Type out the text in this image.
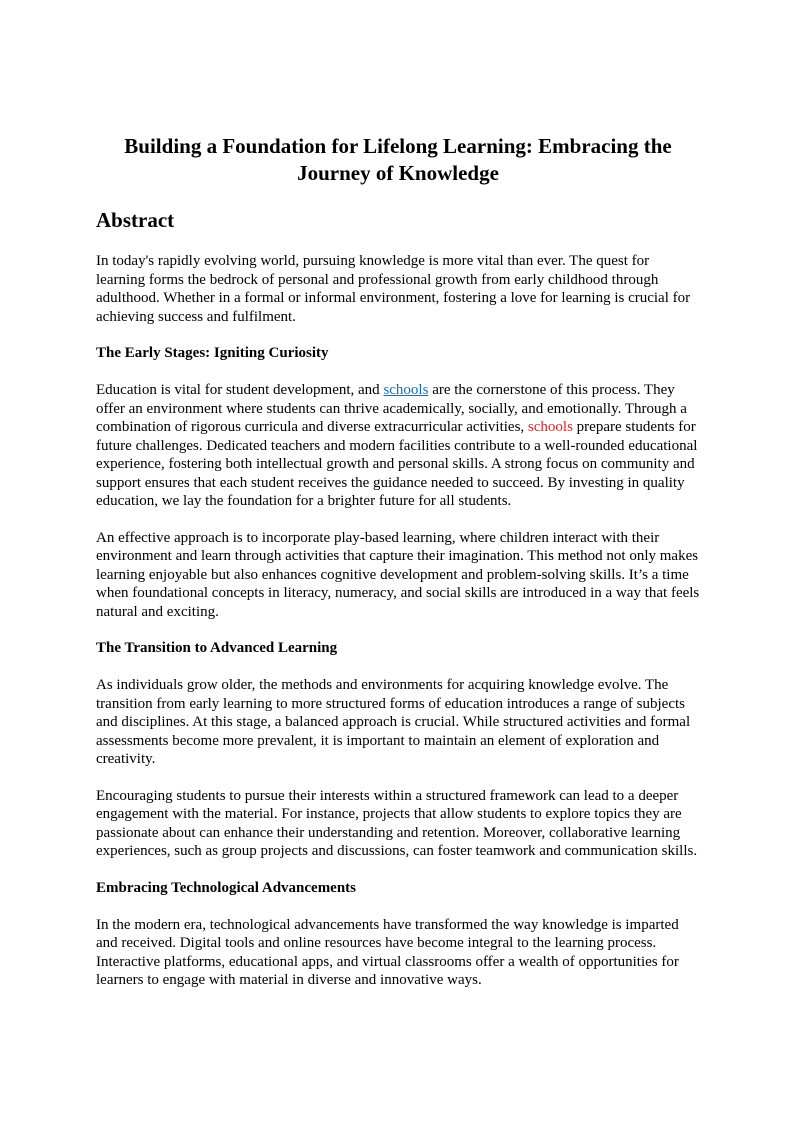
Building a Foundation for Lifelong Learning: Embracing the Journey of Knowledge
Abstract

In today's rapidly evolving world, pursuing knowledge is more vital than ever. The quest for learning forms the bedrock of personal and professional growth from early childhood through adulthood. Whether in a formal or informal environment, fostering a love for learning is crucial for achieving success and fulfilment.

The Early Stages: Igniting Curiosity

Education is vital for student development, and schools are the cornerstone of this process. They offer an environment where students can thrive academically, socially, and emotionally. Through a combination of rigorous curricula and diverse extracurricular activities, schools prepare students for future challenges. Dedicated teachers and modern facilities contribute to a well-rounded educational experience, fostering both intellectual growth and personal skills. A strong focus on community and support ensures that each student receives the guidance needed to succeed. By investing in quality education, we lay the foundation for a brighter future for all students.

An effective approach is to incorporate play-based learning, where children interact with their environment and learn through activities that capture their imagination. This method not only makes learning enjoyable but also enhances cognitive development and problem-solving skills. It’s a time when foundational concepts in literacy, numeracy, and social skills are introduced in a way that feels natural and exciting.

The Transition to Advanced Learning

As individuals grow older, the methods and environments for acquiring knowledge evolve. The transition from early learning to more structured forms of education introduces a range of subjects and disciplines. At this stage, a balanced approach is crucial. While structured activities and formal assessments become more prevalent, it is important to maintain an element of exploration and creativity.

Encouraging students to pursue their interests within a structured framework can lead to a deeper engagement with the material. For instance, projects that allow students to explore topics they are passionate about can enhance their understanding and retention. Moreover, collaborative learning experiences, such as group projects and discussions, can foster teamwork and communication skills.

Embracing Technological Advancements

In the modern era, technological advancements have transformed the way knowledge is imparted and received. Digital tools and online resources have become integral to the learning process. Interactive platforms, educational apps, and virtual classrooms offer a wealth of opportunities for learners to engage with material in diverse and innovative ways.
